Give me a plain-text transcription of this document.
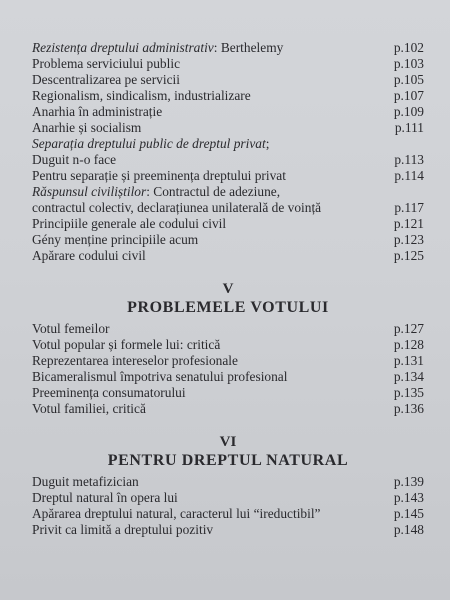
Rezistența dreptului administrativ: Berthelemy	p.102
Problema serviciului public	p.103
Descentralizarea pe servicii	p.105
Regionalism, sindicalism, industrializare	p.107
Anarhia în administrație	p.109
Anarhie și socialism	p.111
Separația dreptului public de dreptul privat;
Duguit n-o face	p.113
Pentru separație și preeminența dreptului privat	p.114
Răspunsul civiliștilor: Contractul de adeziune,
contractul colectiv, declarațiunea unilaterală de voință	p.117
Principiile generale ale codului civil	p.121
Gény menține principiile acum	p.123
Apărare codului civil	p.125
V
PROBLEMELE VOTULUI
Votul femeilor	p.127
Votul popular și formele lui: critică	p.128
Reprezentarea intereselor profesionale	p.131
Bicameralismul împotriva senatului profesional	p.134
Preeminența consumatorului	p.135
Votul familiei, critică	p.136
VI
PENTRU DREPTUL NATURAL
Duguit metafizician	p.139
Dreptul natural în opera lui	p.143
Apărarea dreptului natural, caracterul lui “ireductibil”	p.145
Privit ca limită a dreptului pozitiv	p.148
